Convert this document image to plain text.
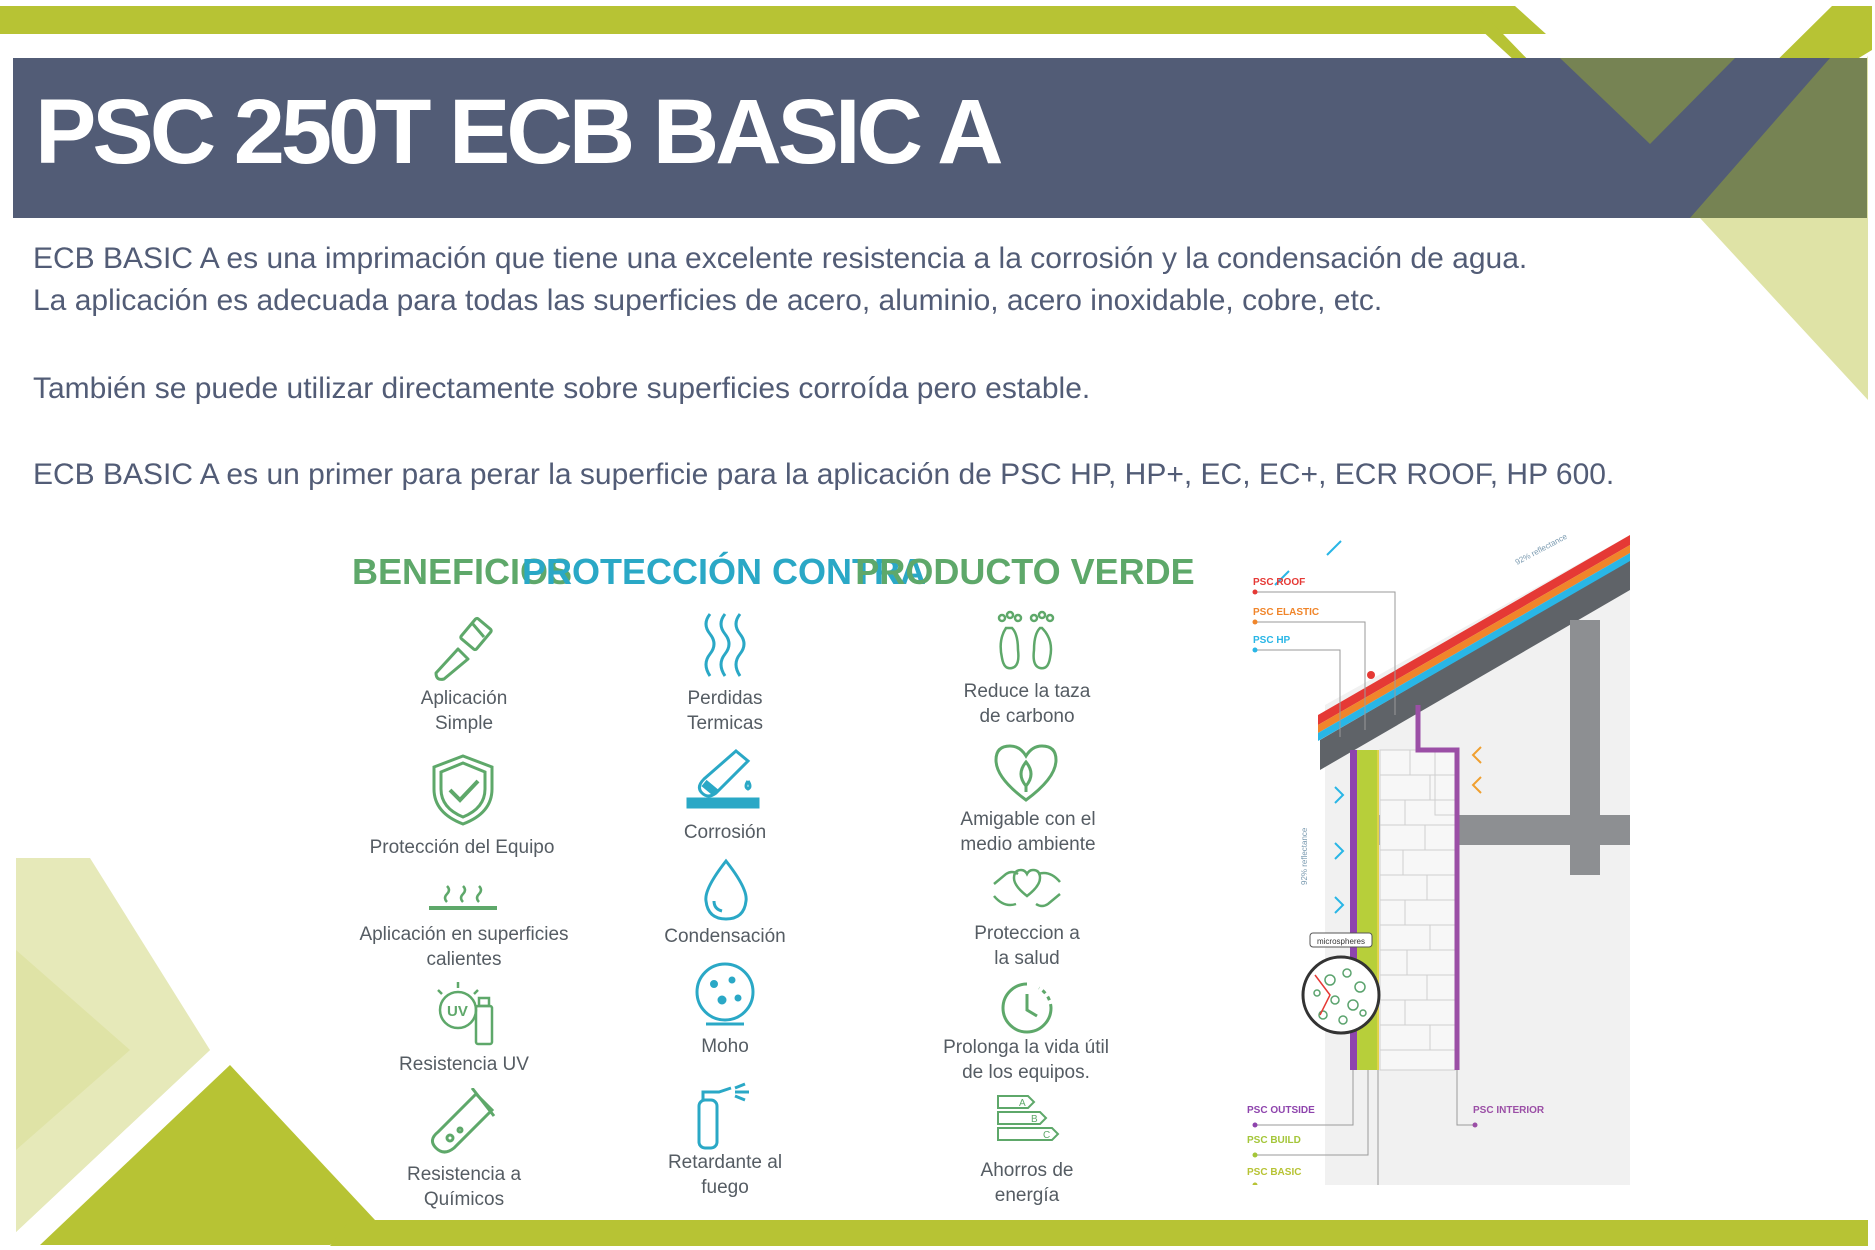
PSC 250T ECB BASIC A

ECB BASIC A es una imprimación que tiene una excelente resistencia a la corrosión y la condensación de agua.

La aplicación es adecuada para todas las superficies de acero, aluminio, acero inoxidable, cobre, etc.

También se puede utilizar directamente sobre superficies corroída pero estable.

ECB BASIC A es un primer para perar la superficie para la aplicación de PSC HP, HP+, EC, EC+, ECR ROOF, HP 600.

BENEFICIOS
PROTECCIÓN CONTRA
PRODUCTO VERDE
Aplicación
Simple
Protección del Equipo
Aplicación en superficies
calientes
UV
Resistencia UV
Resistencia a
Químicos
Perdidas
Termicas
Corrosión
Condensación
Moho
Retardante al
fuego
Reduce la taza
de carbono
Amigable con el
medio ambiente
Proteccion a
la salud
Prolonga la vida útil
de los equipos.
A
B
C
Ahorros de
energía
microspheres
PSC ROOF
PSC ELASTIC
PSC HP
PSC OUTSIDE
PSC BUILD
PSC BASIC
PSC INTERIOR
92% reflectance
92% reflectance
